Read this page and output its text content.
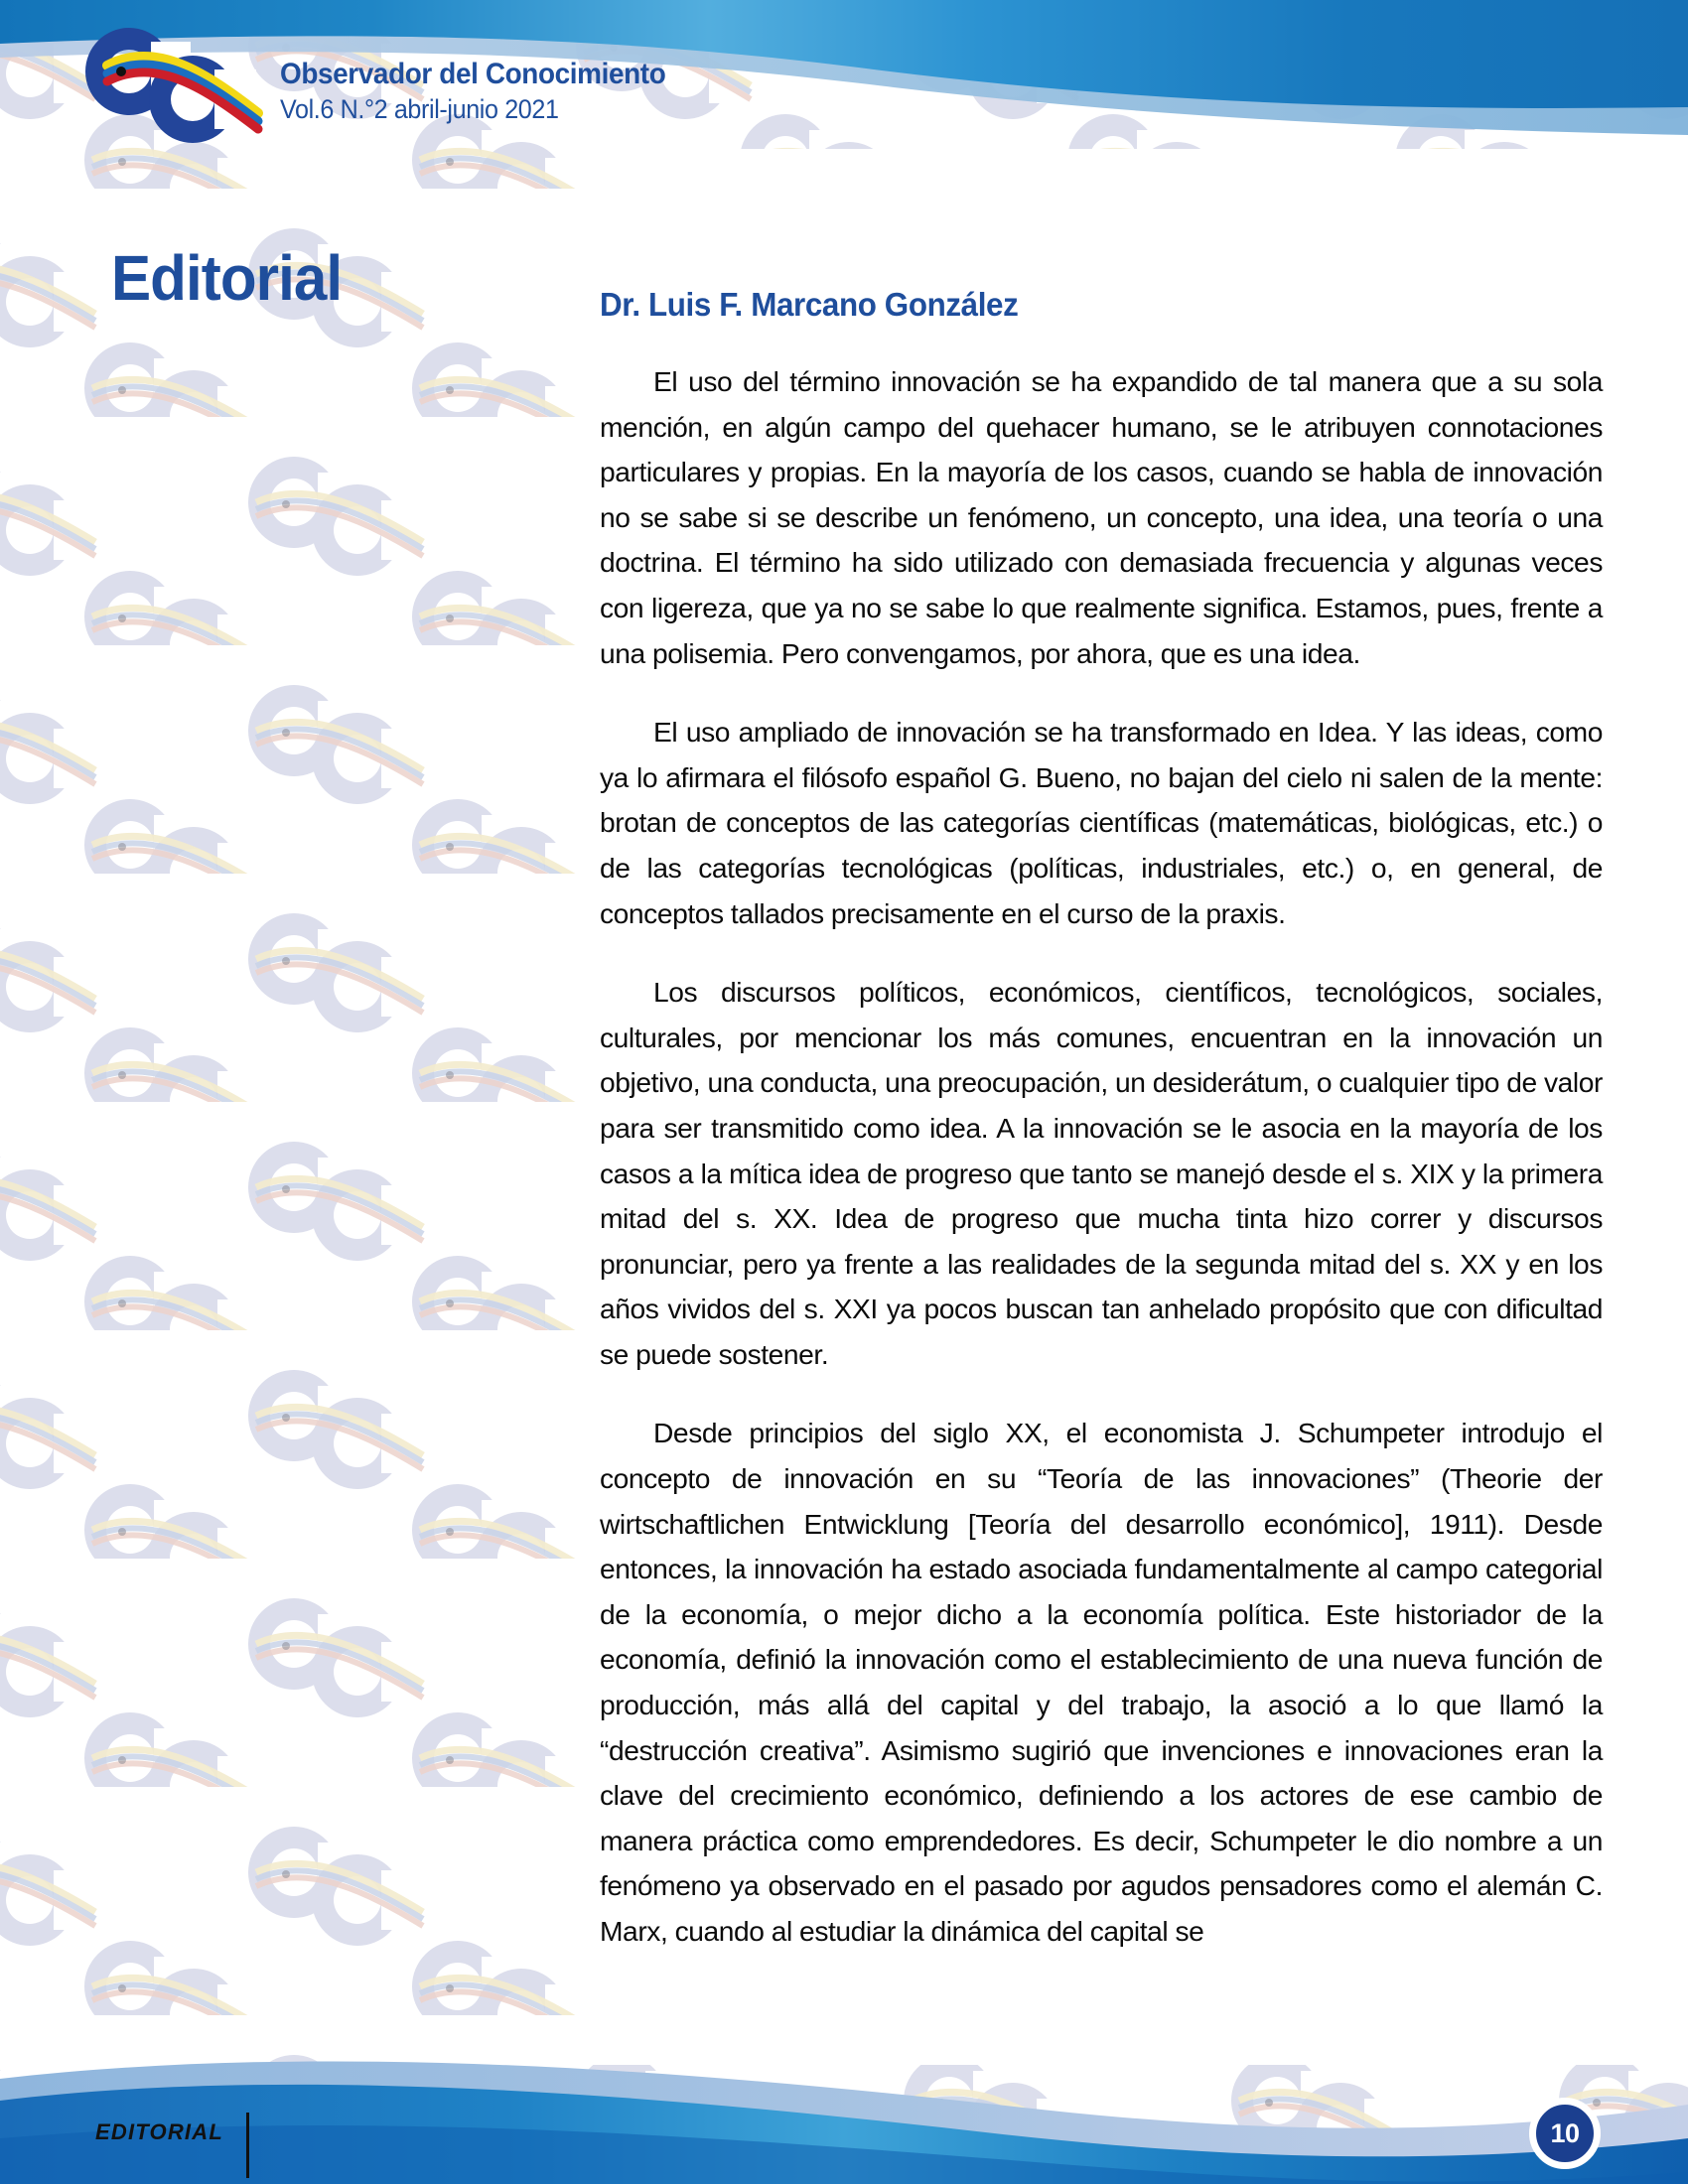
Observador del Conocimiento
Vol.6 N.°2 abril-junio 2021
Editorial	Dr. Luis F. Marcano González

El uso del término innovación se ha expandido de tal manera que a su sola mención, en algún campo del quehacer humano, se le atribuyen connotaciones particulares y propias. En la mayoría de los casos, cuando se habla de innovación no se sabe si se describe un fenómeno, un concepto, una idea, una teoría o una doctrina. El término ha sido utilizado con demasiada frecuencia y algunas veces con ligereza, que ya no se sabe lo que realmente significa. Estamos, pues, frente a una polisemia. Pero convengamos, por ahora, que es una idea.

El uso ampliado de innovación se ha transformado en Idea. Y las ideas, como ya lo afirmara el filósofo español G. Bueno, no bajan del cielo ni salen de la mente: brotan de conceptos de las categorías científicas (matemáticas, biológicas, etc.) o de las categorías tecnológicas (políticas, industriales, etc.) o, en general, de conceptos tallados precisamente en el curso de la praxis.

Los discursos políticos, económicos, científicos, tecnológicos, sociales, culturales, por mencionar los más comunes, encuentran en la innovación un objetivo, una conducta, una preocupación, un desiderátum, o cualquier tipo de valor para ser transmitido como idea. A la innovación se le asocia en la mayoría de los casos a la mítica idea de progreso que tanto se manejó desde el s. XIX y la primera mitad del s. XX. Idea de progreso que mucha tinta hizo correr y discursos pronunciar, pero ya frente a las realidades de la segunda mitad del s. XX y en los años vividos del s. XXI ya pocos buscan tan anhelado propósito que con dificultad se puede sostener.

Desde principios del siglo XX, el economista J. Schumpeter introdujo el concepto de innovación en su “Teoría de las innovaciones” (Theorie der wirtschaftlichen Entwicklung [Teoría del desarrollo económico], 1911). Desde entonces, la innovación ha estado asociada fundamentalmente al campo categorial de la economía, o mejor dicho a la economía política. Este historiador de la economía, definió la innovación como el establecimiento de una nueva función de producción, más allá del capital y del trabajo, la asoció a lo que llamó la “destrucción creativa”. Asimismo sugirió que invenciones e innovaciones eran la clave del crecimiento económico, definiendo a los actores de ese cambio de manera práctica como emprendedores. Es decir, Schumpeter le dio nombre a un fenómeno ya observado en el pasado por agudos pensadores como el alemán C. Marx, cuando al estudiar la dinámica del capital se

EDITORIAL	10
